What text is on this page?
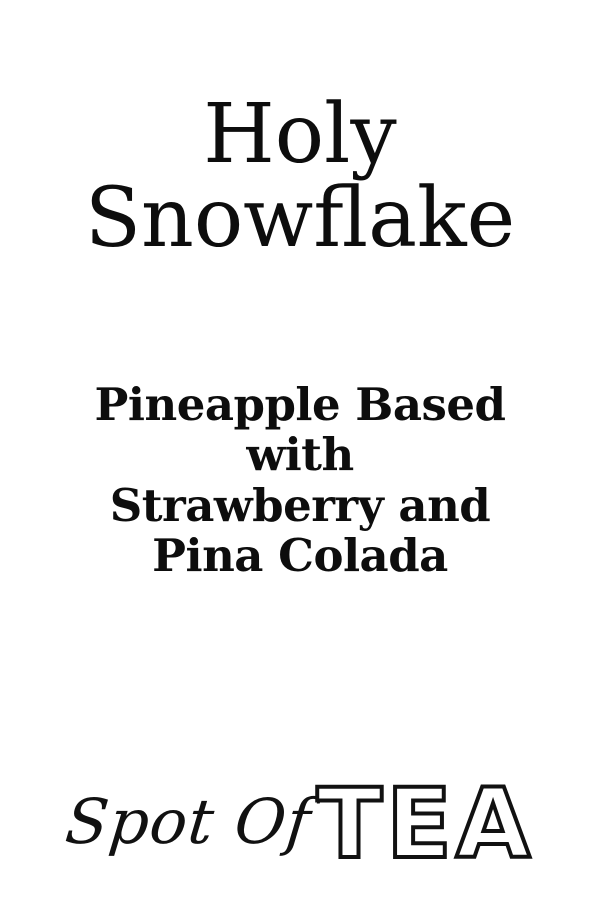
Holy
Snowflake
Pineapple Based
with
Strawberry and
Pina Colada
Spot Of TEA
